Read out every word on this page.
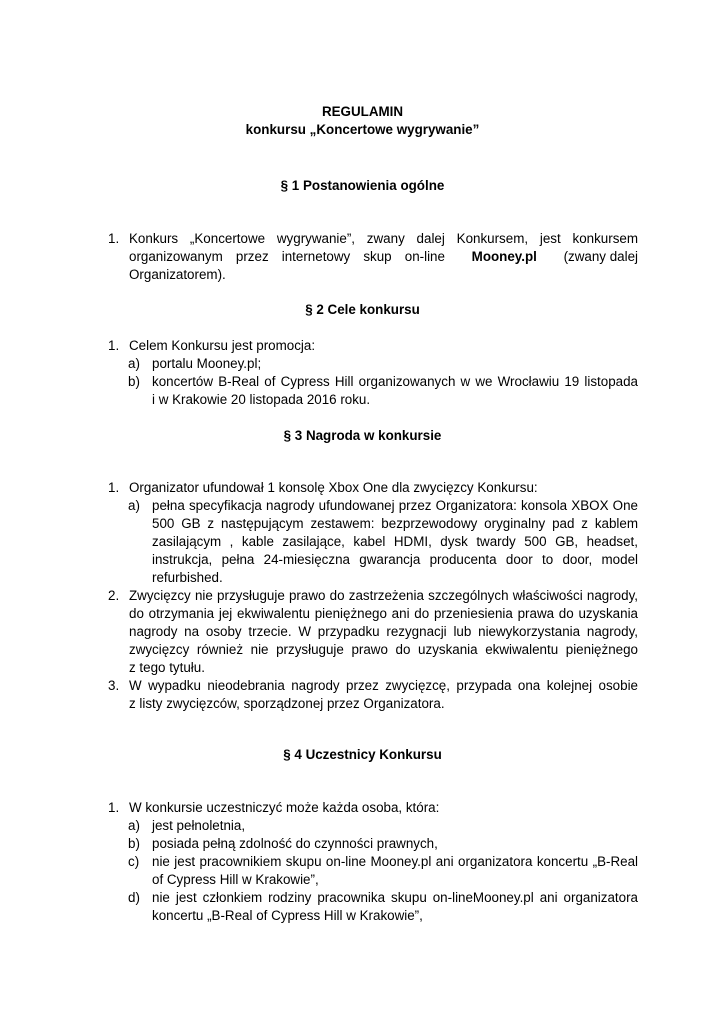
REGULAMIN
konkursu „Koncertowe wygrywanie”
§ 1 Postanowienia ogólne
1. Konkurs „Koncertowe wygrywanie”, zwany dalej Konkursem, jest konkursem
organizowanym przez internetowy skup on-line Mooney.pl (zwany dalej
Organizatorem).
§ 2 Cele konkursu
1. Celem Konkursu jest promocja:
a) portalu Mooney.pl;
b) koncertów B-Real of Cypress Hill organizowanych w we Wrocławiu 19 listopada
i w Krakowie 20 listopada 2016 roku.
§ 3 Nagroda w konkursie
1. Organizator ufundował 1 konsolę Xbox One dla zwycięzcy Konkursu:
a) pełna specyfikacja nagrody ufundowanej przez Organizatora: konsola XBOX One
500 GB z następującym zestawem: bezprzewodowy oryginalny pad z kablem
zasilającym , kable zasilające, kabel HDMI, dysk twardy 500 GB, headset,
instrukcja, pełna 24-miesięczna gwarancja producenta door to door, model
refurbished.
2. Zwycięzcy nie przysługuje prawo do zastrzeżenia szczególnych właściwości nagrody,
do otrzymania jej ekwiwalentu pieniężnego ani do przeniesienia prawa do uzyskania
nagrody na osoby trzecie. W przypadku rezygnacji lub niewykorzystania nagrody,
zwycięzcy również nie przysługuje prawo do uzyskania ekwiwalentu pieniężnego
z tego tytułu.
3. W wypadku nieodebrania nagrody przez zwycięzcę, przypada ona kolejnej osobie
z listy zwycięzców, sporządzonej przez Organizatora.
§ 4 Uczestnicy Konkursu
1. W konkursie uczestniczyć może każda osoba, która:
a) jest pełnoletnia,
b) posiada pełną zdolność do czynności prawnych,
c) nie jest pracownikiem skupu on-line Mooney.pl ani organizatora koncertu „B-Real
of Cypress Hill w Krakowie”,
d) nie jest członkiem rodziny pracownika skupu on-lineMooney.pl ani organizatora
koncertu „B-Real of Cypress Hill w Krakowie”,
